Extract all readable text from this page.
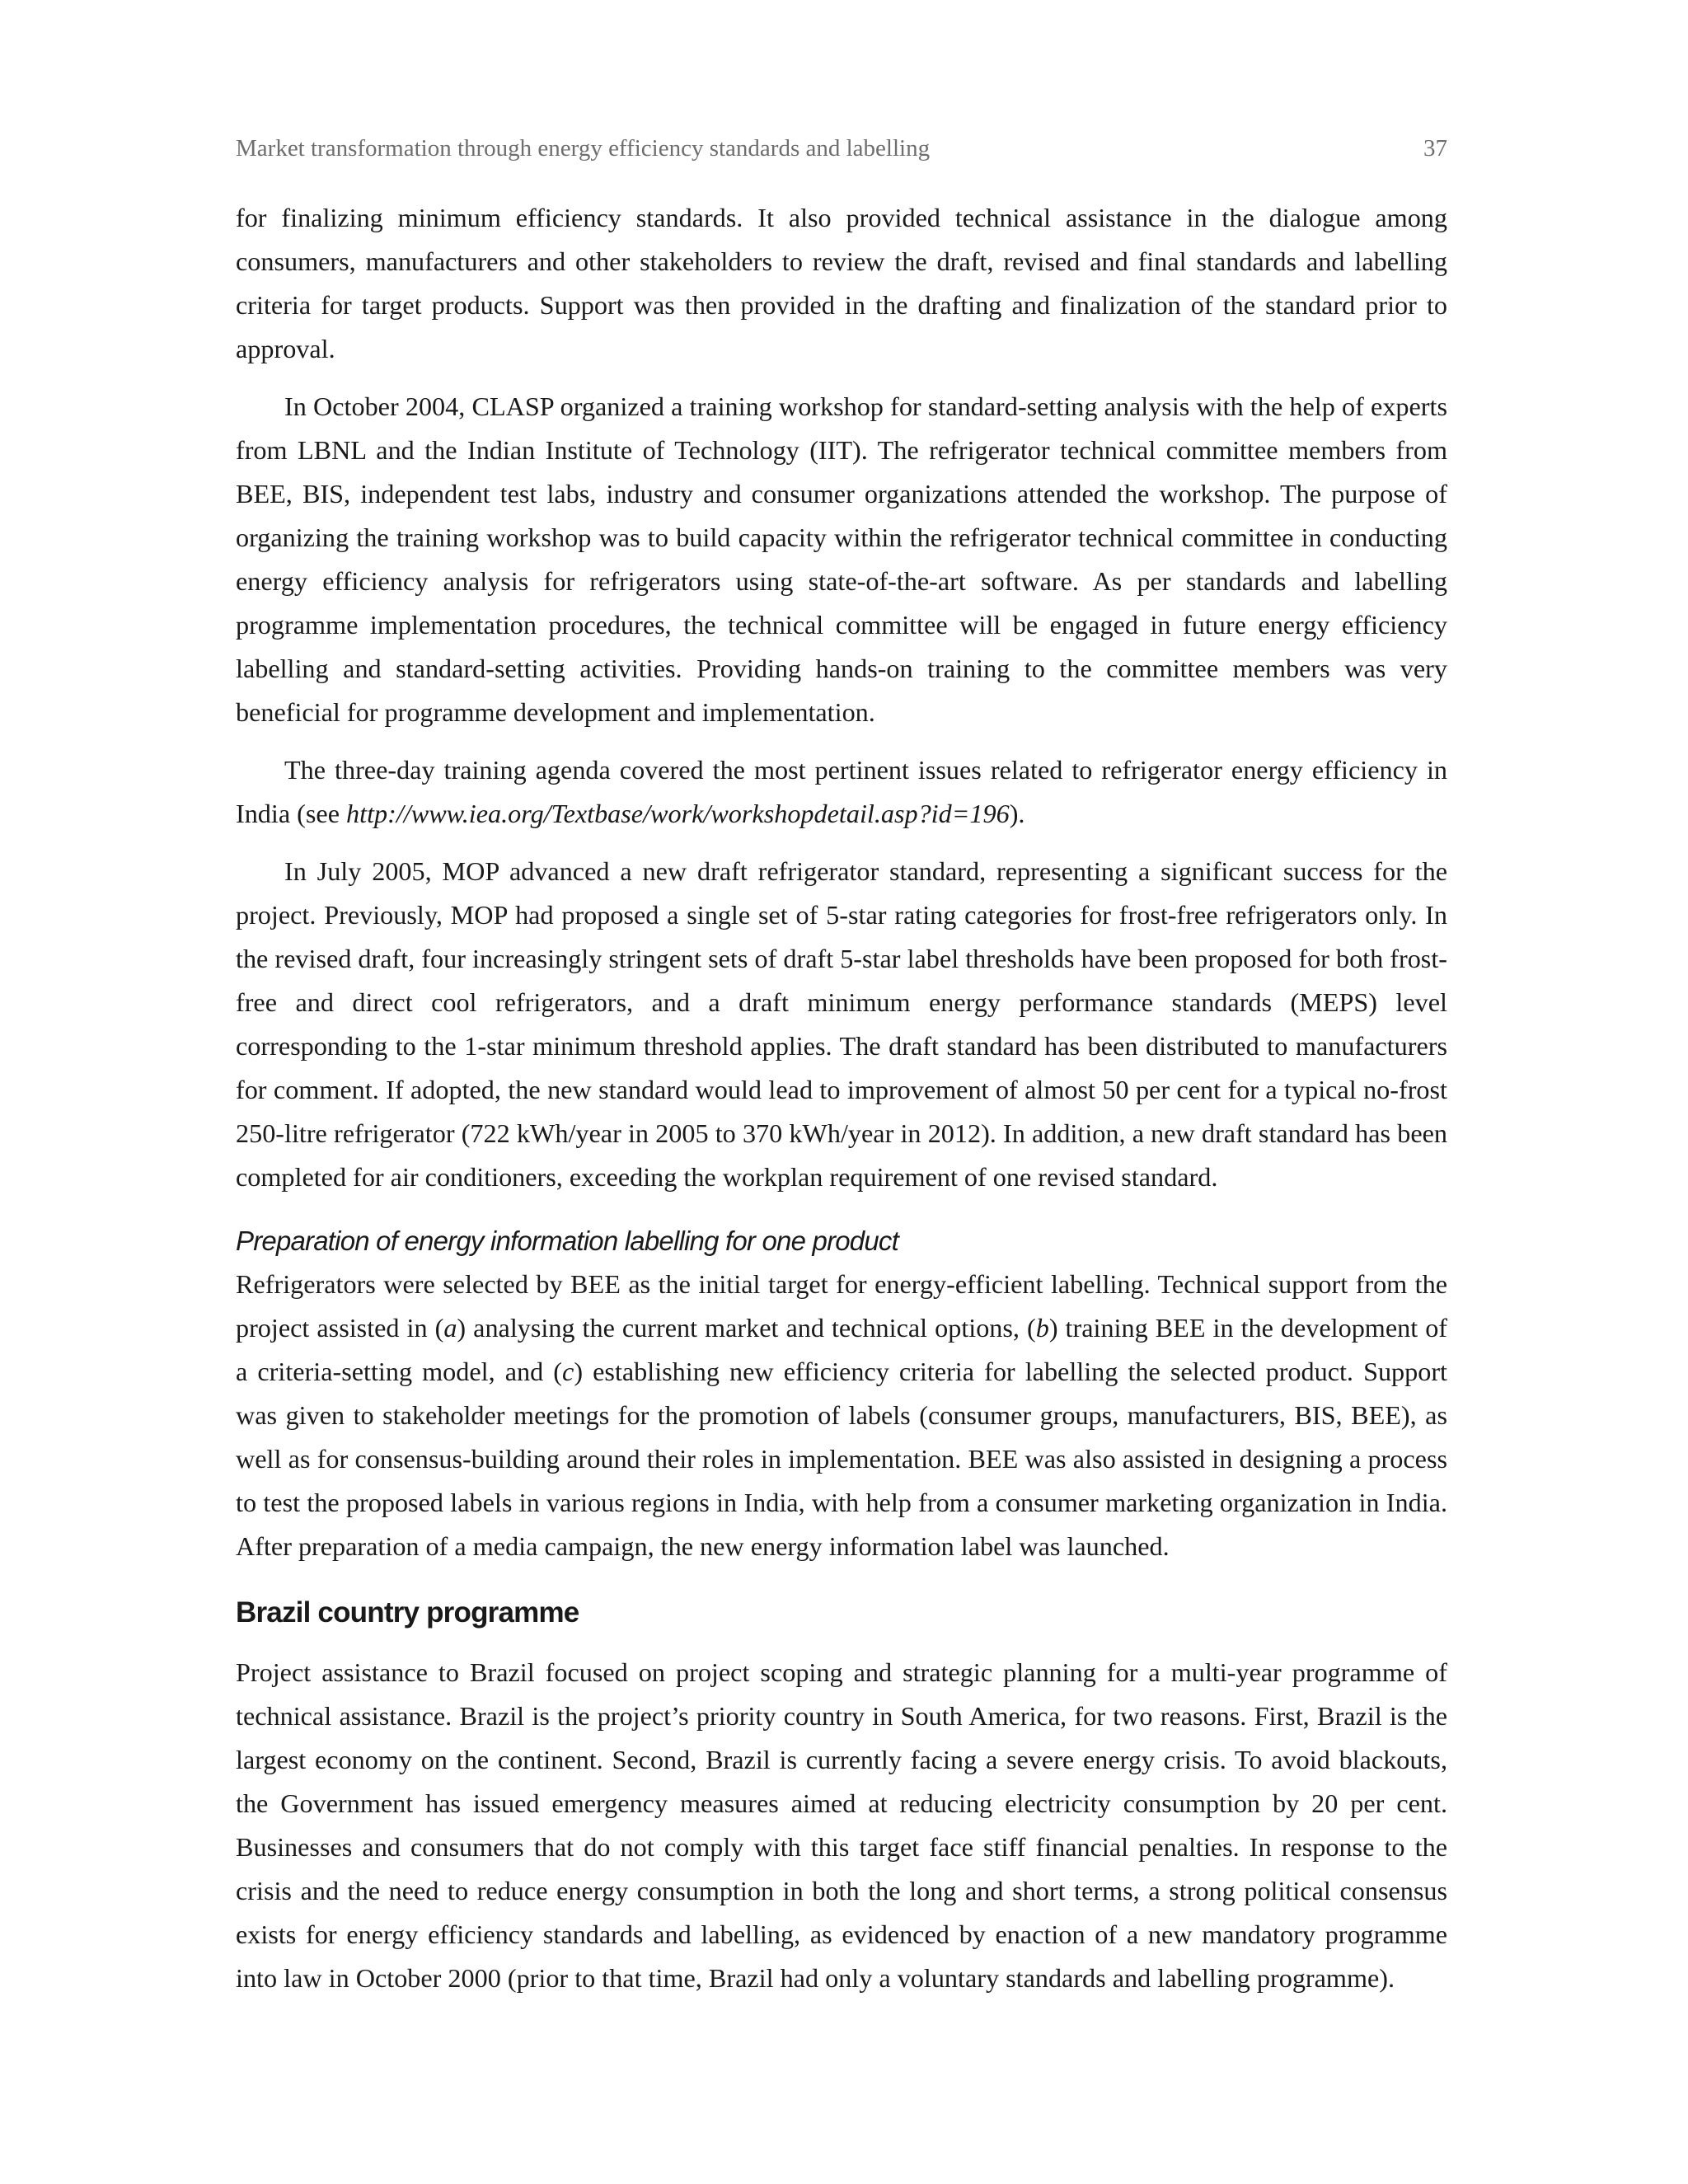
Market transformation through energy efficiency standards and labelling	37

for finalizing minimum efficiency standards. It also provided technical assistance in the dialogue among consumers, manufacturers and other stakeholders to review the draft, revised and final standards and labelling criteria for target products. Support was then provided in the drafting and finalization of the standard prior to approval.

In October 2004, CLASP organized a training workshop for standard-setting analysis with the help of experts from LBNL and the Indian Institute of Technology (IIT). The refrigerator technical committee members from BEE, BIS, independent test labs, industry and consumer organizations attended the workshop. The purpose of organizing the training workshop was to build capacity within the refrigerator technical committee in conducting energy efficiency analysis for refrigerators using state-of-the-art software. As per standards and labelling programme implementation procedures, the technical committee will be engaged in future energy efficiency labelling and standard-setting activities. Providing hands-on training to the committee members was very beneficial for programme development and implementation.

The three-day training agenda covered the most pertinent issues related to refrigerator energy efficiency in India (see http://www.iea.org/Textbase/work/workshopdetail.asp?id=196).

In July 2005, MOP advanced a new draft refrigerator standard, representing a significant success for the project. Previously, MOP had proposed a single set of 5-star rating categories for frost-free refrigerators only. In the revised draft, four increasingly stringent sets of draft 5-star label thresholds have been proposed for both frost-free and direct cool refrigerators, and a draft minimum energy performance standards (MEPS) level corresponding to the 1-star minimum threshold applies. The draft standard has been distributed to manufacturers for comment. If adopted, the new standard would lead to improvement of almost 50 per cent for a typical no-frost 250-litre refrigerator (722 kWh/year in 2005 to 370 kWh/year in 2012). In addition, a new draft standard has been completed for air conditioners, exceeding the workplan requirement of one revised standard.

Preparation of energy information labelling for one product

Refrigerators were selected by BEE as the initial target for energy-efficient labelling. Technical support from the project assisted in (a) analysing the current market and technical options, (b) training BEE in the development of a criteria-setting model, and (c) establishing new efficiency criteria for labelling the selected product. Support was given to stakeholder meetings for the promotion of labels (consumer groups, manufacturers, BIS, BEE), as well as for consensus-building around their roles in implementation. BEE was also assisted in designing a process to test the proposed labels in various regions in India, with help from a consumer marketing organization in India. After preparation of a media campaign, the new energy information label was launched.

Brazil country programme

Project assistance to Brazil focused on project scoping and strategic planning for a multi-year programme of technical assistance. Brazil is the project’s priority country in South America, for two reasons. First, Brazil is the largest economy on the continent. Second, Brazil is currently facing a severe energy crisis. To avoid blackouts, the Government has issued emergency measures aimed at reducing electricity consumption by 20 per cent. Businesses and consumers that do not comply with this target face stiff financial penalties. In response to the crisis and the need to reduce energy consumption in both the long and short terms, a strong political consensus exists for energy efficiency standards and labelling, as evidenced by enaction of a new mandatory programme into law in October 2000 (prior to that time, Brazil had only a voluntary standards and labelling programme).
